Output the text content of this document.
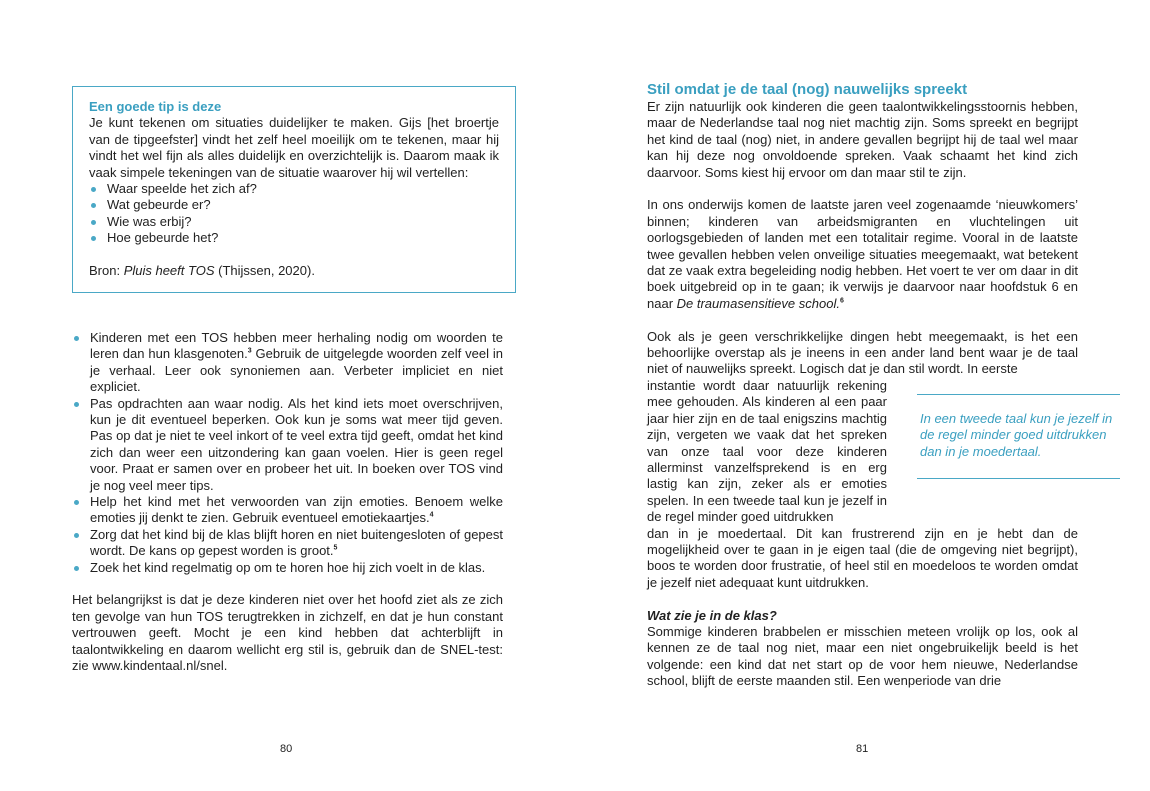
Een goede tip is deze

Je kunt tekenen om situaties duidelijker te maken. Gijs [het broertje van de tipgeefster] vindt het zelf heel moeilijk om te tekenen, maar hij vindt het wel fijn als alles duidelijk en overzichtelijk is. Daarom maak ik vaak simpele tekeningen van de situatie waarover hij wil vertellen:

Waar speelde het zich af?
Wat gebeurde er?
Wie was erbij?
Hoe gebeurde het?

Bron: Pluis heeft TOS (Thijssen, 2020).

Kinderen met een TOS hebben meer herhaling nodig om woorden te leren dan hun klasgenoten.$^3$ Gebruik de uitgelegde woorden zelf veel in je verhaal. Leer ook synoniemen aan. Verbeter impliciet en niet expliciet.
Pas opdrachten aan waar nodig. Als het kind iets moet overschrijven, kun je dit eventueel beperken. Ook kun je soms wat meer tijd geven. Pas op dat je niet te veel inkort of te veel extra tijd geeft, omdat het kind zich dan weer een uitzondering kan gaan voelen. Hier is geen regel voor. Praat er samen over en probeer het uit. In boeken over TOS vind je nog veel meer tips.
Help het kind met het verwoorden van zijn emoties. Benoem welke emoties jij denkt te zien. Gebruik eventueel emotiekaartjes.$^4$
Zorg dat het kind bij de klas blijft horen en niet buitengesloten of gepest wordt. De kans op gepest worden is groot.$^5$
Zoek het kind regelmatig op om te horen hoe hij zich voelt in de klas.

Het belangrijkst is dat je deze kinderen niet over het hoofd ziet als ze zich ten gevolge van hun TOS terugtrekken in zichzelf, en dat je hun constant vertrouwen geeft. Mocht je een kind hebben dat achterblijft in taalontwikkeling en daarom wellicht erg stil is, gebruik dan de SNEL-test: zie www.kindentaal.nl/snel.

80
Stil omdat je de taal (nog) nauwelijks spreekt

Er zijn natuurlijk ook kinderen die geen taalontwikkelingsstoornis hebben, maar de Nederlandse taal nog niet machtig zijn. Soms spreekt en begrijpt het kind de taal (nog) niet, in andere gevallen begrijpt hij de taal wel maar kan hij deze nog onvoldoende spreken. Vaak schaamt het kind zich daarvoor. Soms kiest hij ervoor om dan maar stil te zijn.

In ons onderwijs komen de laatste jaren veel zogenaamde ‘nieuwkomers’ binnen; kinderen van arbeidsmigranten en vluchtelingen uit oorlogsgebieden of landen met een totalitair regime. Vooral in de laatste twee gevallen hebben velen onveilige situaties meegemaakt, wat betekent dat ze vaak extra begeleiding nodig hebben. Het voert te ver om daar in dit boek uitgebreid op in te gaan; ik verwijs je daarvoor naar hoofdstuk 6 en naar De traumasensitieve school.$^6$

Ook als je geen verschrikkelijke dingen hebt meegemaakt, is het een behoorlijke overstap als je ineens in een ander land bent waar je de taal niet of nauwelijks spreekt. Logisch dat je dan stil wordt. In eerste

instantie wordt daar natuurlijk rekening mee gehouden. Als kinderen al een paar jaar hier zijn en de taal enigszins machtig zijn, vergeten we vaak dat het spreken van onze taal voor deze kinderen allerminst vanzelfsprekend is en erg lastig kan zijn, zeker als er emoties spelen. In een tweede taal kun je jezelf in de regel minder goed uitdrukken

dan in je moedertaal. Dit kan frustrerend zijn en je hebt dan de mogelijkheid over te gaan in je eigen taal (die de omgeving niet begrijpt), boos te worden door frustratie, of heel stil en moedeloos te worden omdat je jezelf niet adequaat kunt uitdrukken.

Wat zie je in de klas?

Sommige kinderen brabbelen er misschien meteen vrolijk op los, ook al kennen ze de taal nog niet, maar een niet ongebruikelijk beeld is het volgende: een kind dat net start op de voor hem nieuwe, Nederlandse school, blijft de eerste maanden stil. Een wenperiode van drie

In een tweede taal kun je jezelf in de regel minder goed uitdrukken dan in je moedertaal.
81
